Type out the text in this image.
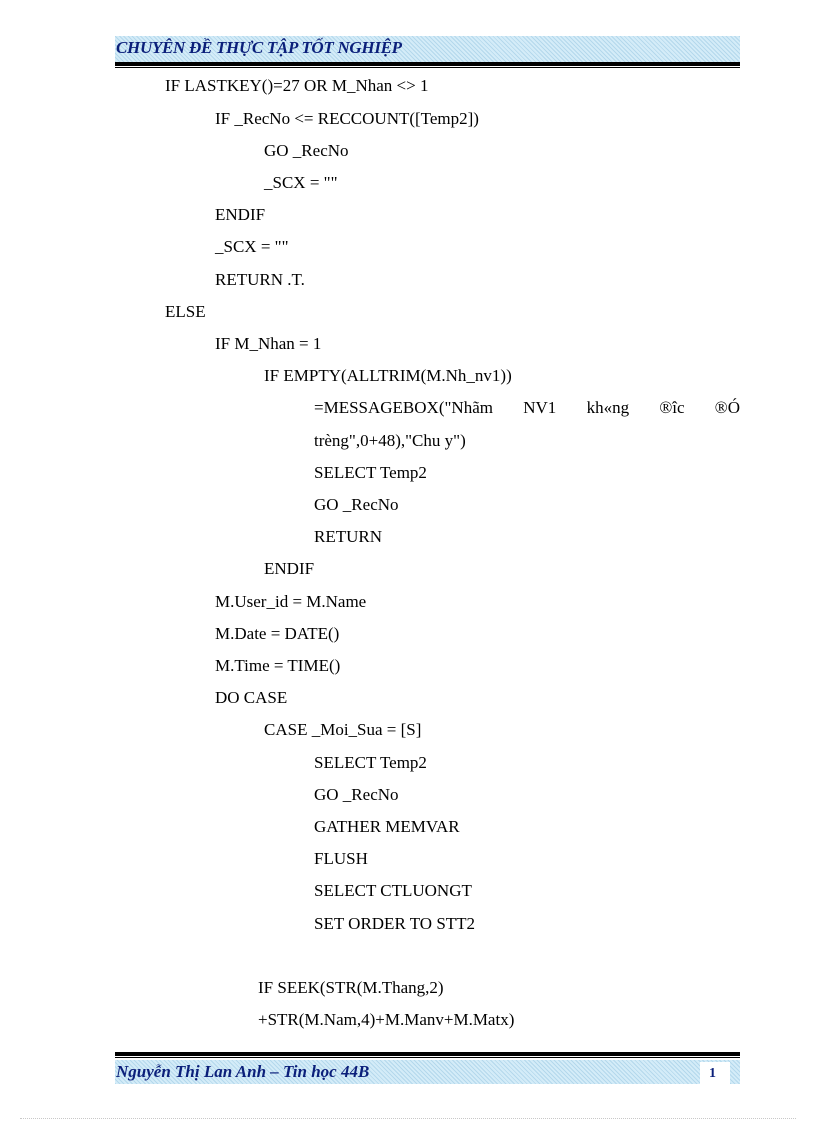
CHUYÊN ĐỀ THỰC TẬP TỐT NGHIỆP
IF LASTKEY()=27 OR M_Nhan <> 1
IF _RecNo <= RECCOUNT([Temp2])
GO _RecNo
_SCX = ""
ENDIF
_SCX = ""
RETURN .T.
ELSE
IF M_Nhan = 1
IF EMPTY(ALLTRIM(M.Nh_nv1))
=MESSAGEBOX("Nhãm NV1 kh«ng ®îc ®Ó
trèng",0+48),"Chu y")
SELECT Temp2
GO _RecNo
RETURN
ENDIF
M.User_id = M.Name
M.Date = DATE()
M.Time = TIME()
DO CASE
CASE _Moi_Sua = [S]
SELECT Temp2
GO _RecNo
GATHER MEMVAR
FLUSH
SELECT CTLUONGT
SET ORDER TO STT2
IF SEEK(STR(M.Thang,2)
+STR(M.Nam,4)+M.Manv+M.Matx)
Nguyễn Thị Lan Anh – Tin học 44B	1
